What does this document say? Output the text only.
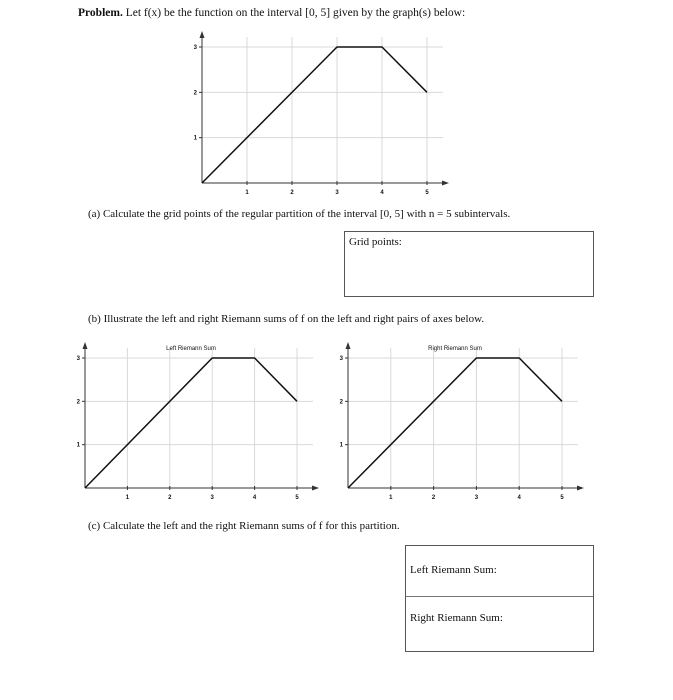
Problem. Let f(x) be the function on the interval [0, 5] given by the graph(s) below:
1	2	3	4	5
1
2
3
1	2	3	4	5
1
2
3
Left Riemann Sum
1	2	3	4	5
1
2
3
Right Riemann Sum
(a) Calculate the grid points of the regular partition of the interval [0, 5] with n = 5 subintervals.
Grid points:
(b) Illustrate the left and right Riemann sums of f on the left and right pairs of axes below.
(c) Calculate the left and the right Riemann sums of f for this partition.
Left Riemann Sum:
Right Riemann Sum:
